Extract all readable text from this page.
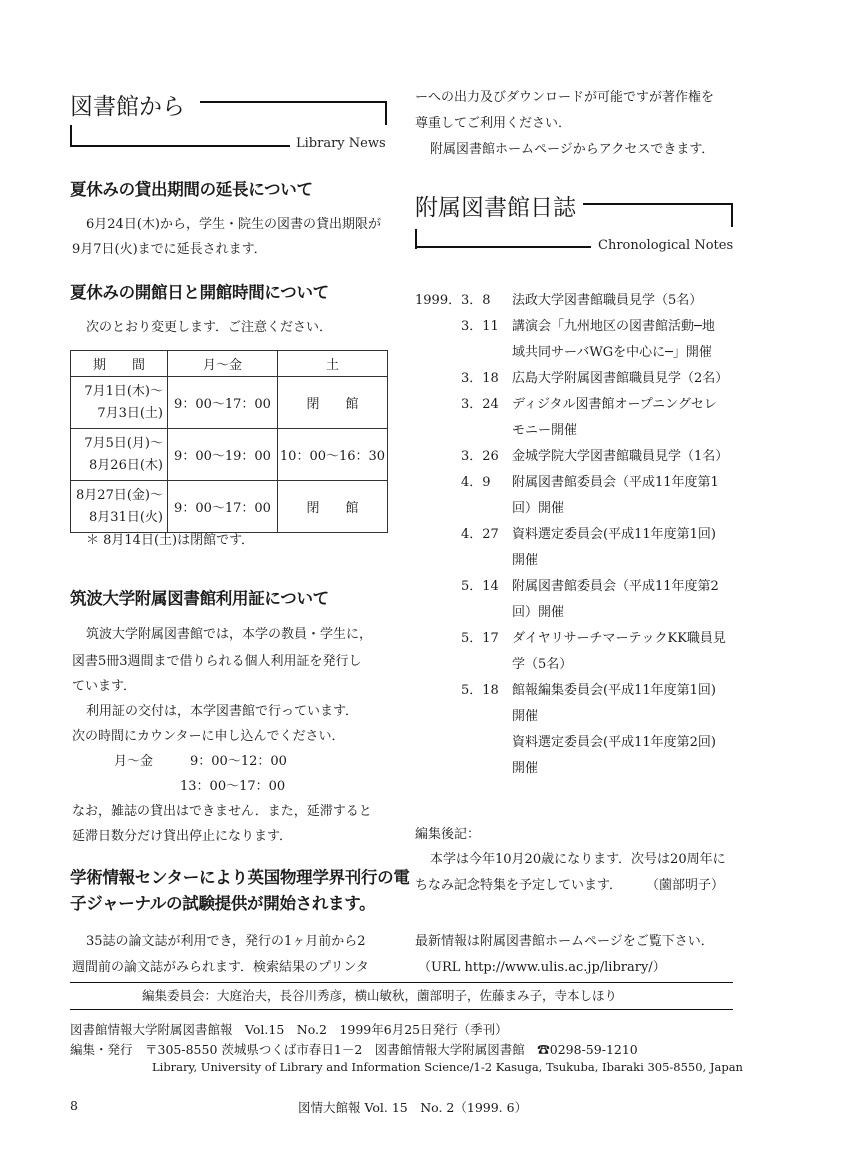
図書館から
Library News
夏休みの貸出期間の延長について
6月24日(木)から，学生・院生の図書の貸出期限が
9月7日(火)までに延長されます．
夏休みの開館日と開館時間について
次のとおり変更します．ご注意ください．
期　　間	月～金	土

7月1日(木)～
7月3日(土)	9：00～17：00	閉　　館

7月5日(月)～
8月26日(木)	9：00～19：00	10：00～16：30

8月27日(金)～
8月31日(火)	9：00～17：00	閉　　館
＊ 8月14日(土)は閉館です．
筑波大学附属図書館利用証について
筑波大学附属図書館では，本学の教員・学生に，
図書5冊3週間まで借りられる個人利用証を発行し
ています．
利用証の交付は，本学図書館で行っています．
次の時間にカウンターに申し込んでください．
月～金	9：00～12：00
13：00～17：00
なお，雑誌の貸出はできません．また，延滞すると
延滞日数分だけ貸出停止になります．
学術情報センターにより英国物理学界刊行の電
子ジャーナルの試験提供が開始されます。
35誌の論文誌が利用でき，発行の1ヶ月前から2
週間前の論文誌がみられます．検索結果のプリンタ
ーへの出力及びダウンロードが可能ですが著作権を
尊重してご利用ください．
附属図書館ホームページからアクセスできます．
附属図書館日誌
Chronological Notes
1999． 3．8 法政大学図書館職員見学（5名）
3．11 講演会「九州地区の図書館活動─地
域共同サーバWGを中心に─」開催
3．18 広島大学附属図書館職員見学（2名）
3．24 ディジタル図書館オープニングセレ
モニー開催
3．26 金城学院大学図書館職員見学（1名）
4．9 附属図書館委員会（平成11年度第1
回）開催
4．27 資料選定委員会(平成11年度第1回)
開催
5．14 附属図書館委員会（平成11年度第2
回）開催
5．17 ダイヤリサーチマーテックKK職員見
学（5名）
5．18 館報編集委員会(平成11年度第1回)
開催
資料選定委員会(平成11年度第2回)
開催
編集後記：
本学は今年10月20歳になります．次号は20周年に
ちなみ記念特集を予定しています． （薗部明子）
最新情報は附属図書館ホームページをご覧下さい．
（URL http://www.ulis.ac.jp/library/）
編集委員会：大庭治夫，長谷川秀彦，横山敏秋，薗部明子，佐藤まみ子，寺本しほり
図書館情報大学附属図書館報　Vol.15　No.2　1999年6月25日発行（季刊）
編集・発行　〒305-8550 茨城県つくば市春日1－2　図書館情報大学附属図書館　☎0298-59-1210
Library, University of Library and Information Science/1-2 Kasuga, Tsukuba, Ibaraki 305-8550, Japan
8	図情大館報 Vol. 15　No. 2（1999. 6）
